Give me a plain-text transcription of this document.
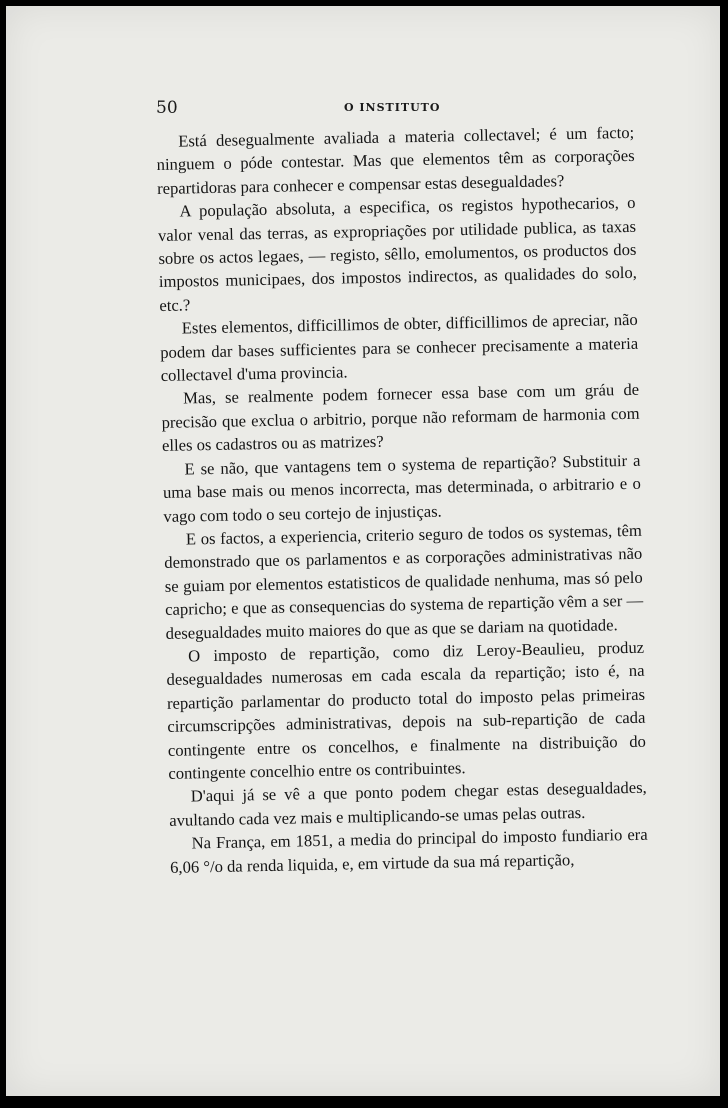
50	O INSTITUTO

Está desegualmente avaliada a materia collectavel; é um facto; ninguem o póde contestar. Mas que elementos têm as corporações repartidoras para conhecer e compensar estas desegualdades?

A população absoluta, a especifica, os registos hypothecarios, o valor venal das terras, as expropriações por utilidade publica, as taxas sobre os actos legaes, — registo, sêllo, emolumentos, os productos dos impostos municipaes, dos impostos indirectos, as qualidades do solo, etc.?

Estes elementos, difficillimos de obter, difficillimos de apreciar, não podem dar bases sufficientes para se conhecer precisamente a materia collectavel d'uma provincia.

Mas, se realmente podem fornecer essa base com um gráu de precisão que exclua o arbitrio, porque não reformam de harmonia com elles os cadastros ou as matrizes?

E se não, que vantagens tem o systema de repartição? Substituir a uma base mais ou menos incorrecta, mas determinada, o arbitrario e o vago com todo o seu cortejo de injustiças.

E os factos, a experiencia, criterio seguro de todos os systemas, têm demonstrado que os parlamentos e as corporações administrativas não se guiam por elementos estatisticos de qualidade nenhuma, mas só pelo capricho; e que as consequencias do systema de repartição vêm a ser — desegualdades muito maiores do que as que se dariam na quotidade.

O imposto de repartição, como diz Leroy-Beaulieu, produz desegualdades numerosas em cada escala da repartição; isto é, na repartição parlamentar do producto total do imposto pelas primeiras circumscripções administrativas, depois na sub-repartição de cada contingente entre os concelhos, e finalmente na distribuição do contingente concelhio entre os contribuintes.

D'aqui já se vê a que ponto podem chegar estas desegualdades, avultando cada vez mais e multiplicando-se umas pelas outras.

Na França, em 1851, a media do principal do imposto fundiario era 6,06 °/o da renda liquida, e, em virtude da sua má repartição,
